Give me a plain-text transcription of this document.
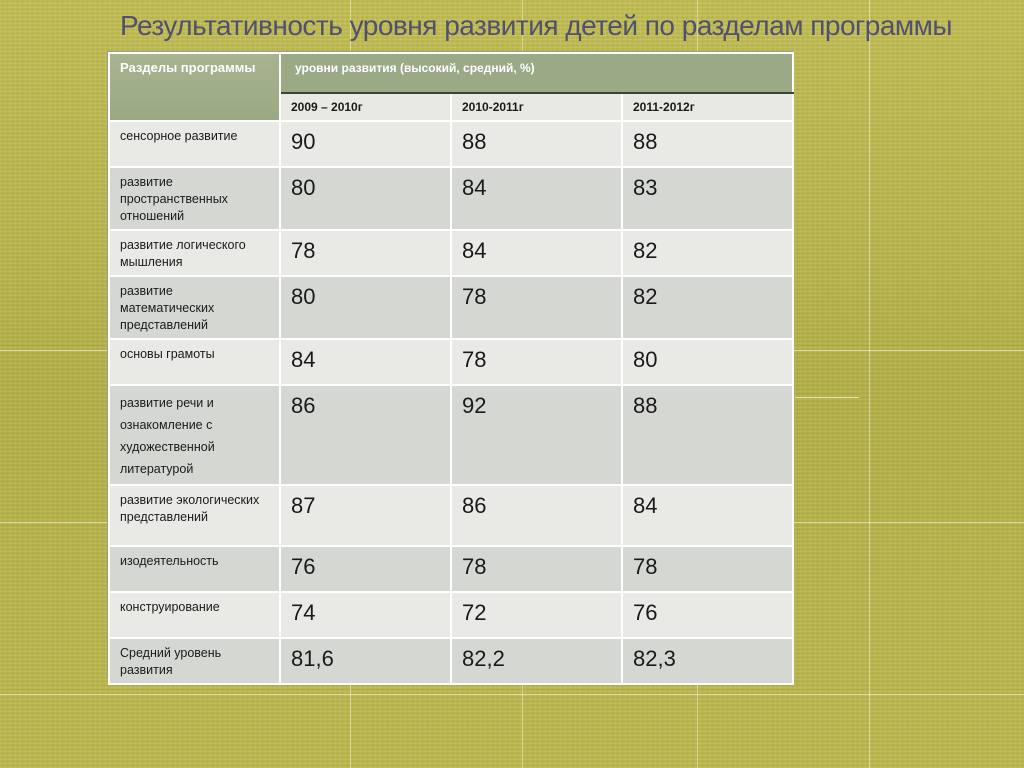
Результативность уровня развития детей по разделам программы
Разделы программы	уровни развития (высокий, средний, %)		
	2009 – 2010г	2010-2011г	2011-2012г
сенсорное развитие	90	88	88
развитие пространственных отношений	80	84	83
развитие логического мышления	78	84	82
развитие математических представлений	80	78	82
основы грамоты	84	78	80
развитие речи и ознакомление с художественной литературой	86	92	88
развитие экологических представлений	87	86	84
изодеятельность	76	78	78
конструирование	74	72	76
Средний уровень развития	81,6	82,2	82,3
